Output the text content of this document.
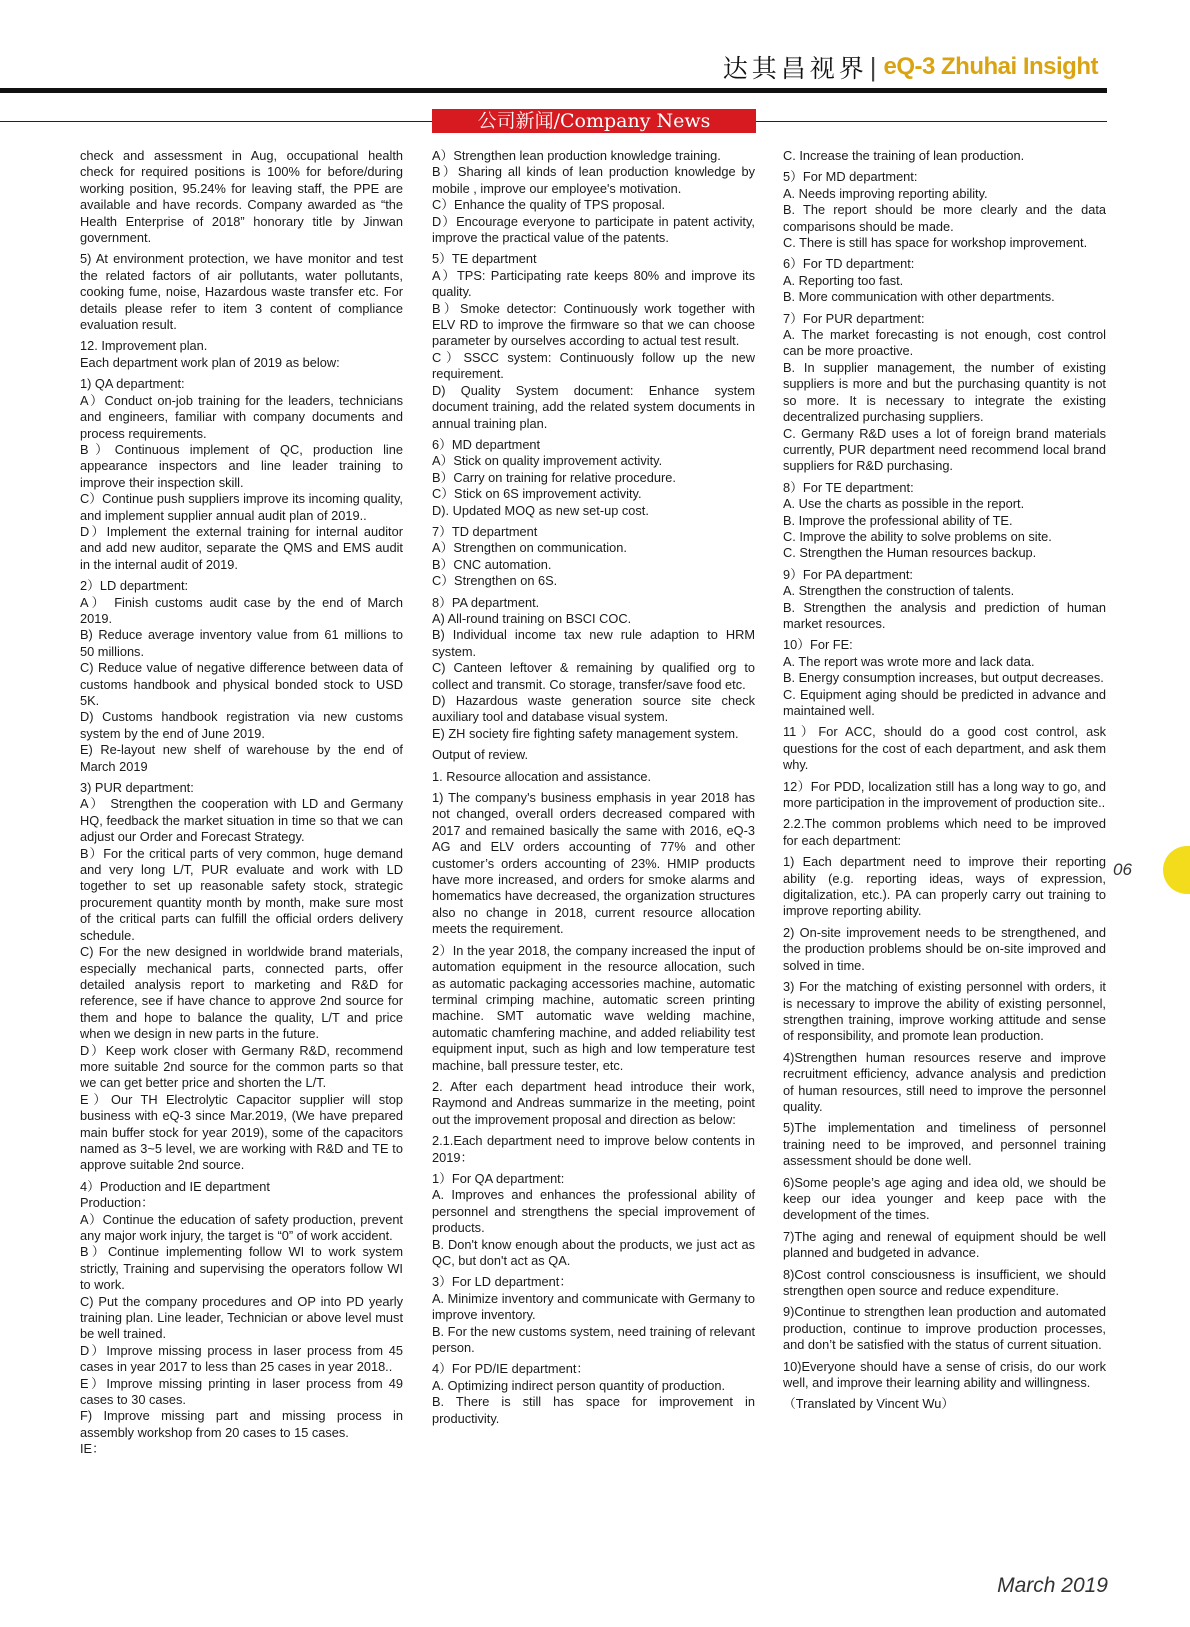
达其昌视界 | eQ-3 Zhuhai Insight
公司新闻/Company News

check and assessment in Aug, occupational health check for required positions is 100% for before/during working position, 95.24% for leaving staff, the PPE are available and have records. Company awarded as “the Health Enterprise of 2018” honorary title by Jinwan government.

5) At environment protection, we have monitor and test the related factors of air pollutants, water pollutants, cooking fume, noise, Hazardous waste transfer etc. For details please refer to item 3 content of compliance evaluation result.

12. Improvement plan.
Each department work plan of 2019 as below:

1) QA department:
A）Conduct on-job training for the leaders, technicians and engineers, familiar with company documents and process requirements.
B）Continuous implement of QC, production line appearance inspectors and line leader training to improve their inspection skill.
C）Continue push suppliers improve its incoming quality, and implement supplier annual audit plan of 2019..
D）Implement the external training for internal auditor and add new auditor, separate the QMS and EMS audit in the internal audit of 2019.

2）LD department:
A） Finish customs audit case by the end of March 2019.
B) Reduce average inventory value from 61 millions to 50 millions.
C) Reduce value of negative difference between data of customs handbook and physical bonded stock to USD 5K.
D) Customs handbook registration via new customs system by the end of June 2019.
E) Re-layout new shelf of warehouse by the end of March 2019

3) PUR department:
A） Strengthen the cooperation with LD and Germany HQ, feedback the market situation in time so that we can adjust our Order and Forecast Strategy.
B）For the critical parts of very common, huge demand and very long L/T, PUR evaluate and work with LD together to set up reasonable safety stock, strategic procurement quantity month by month, make sure most of the critical parts can fulfill the official orders delivery schedule.
C) For the new designed in worldwide brand materials, especially mechanical parts, connected parts, offer detailed analysis report to marketing and R&D for reference, see if have chance to approve 2nd source for them and hope to balance the quality, L/T and price when we design in new parts in the future.
D）Keep work closer with Germany R&D, recommend more suitable 2nd source for the common parts so that we can get better price and shorten the L/T.
E）Our TH Electrolytic Capacitor supplier will stop business with eQ-3 since Mar.2019, (We have prepared main buffer stock for year 2019), some of the capacitors named as 3~5 level, we are working with R&D and TE to approve suitable 2nd source.

4）Production and IE department
Production：
A）Continue the education of safety production, prevent any major work injury, the target is “0” of work accident.
B）Continue implementing follow WI to work system strictly, Training and supervising the operators follow WI to work.
C) Put the company procedures and OP into PD yearly training plan. Line leader, Technician or above level must be well trained.
D）Improve missing process in laser process from 45 cases in year 2017 to less than 25 cases in year 2018..
E）Improve missing printing in laser process from 49 cases to 30 cases.
F) Improve missing part and missing process in assembly workshop from 20 cases to 15 cases.
IE：

A）Strengthen lean production knowledge training.
B）Sharing all kinds of lean production knowledge by mobile , improve our employee's motivation.
C）Enhance the quality of TPS proposal.
D）Encourage everyone to participate in patent activity, improve the practical value of the patents.

5）TE department
A）TPS: Participating rate keeps 80% and improve its quality.
B）Smoke detector: Continuously work together with ELV RD to improve the firmware so that we can choose parameter by ourselves according to actual test result.
C）SSCC system: Continuously follow up the new requirement.
D) Quality System document: Enhance system document training, add the related system documents in annual training plan.

6）MD department
A）Stick on quality improvement activity.
B）Carry on training for relative procedure.
C）Stick on 6S improvement activity.
D). Updated MOQ as new set-up cost.

7）TD department
A）Strengthen on communication.
B）CNC automation.
C）Strengthen on 6S.

8）PA department.
A) All-round training on BSCI COC.
B) Individual income tax new rule adaption to HRM system.
C) Canteen leftover & remaining by qualified org to collect and transmit. Co storage, transfer/save food etc.
D) Hazardous waste generation source site check auxiliary tool and database visual system.
E) ZH society fire fighting safety management system.

Output of review.

1. Resource allocation and assistance.

1) The company's business emphasis in year 2018 has not changed, overall orders decreased compared with 2017 and remained basically the same with 2016, eQ-3 AG and ELV orders accounting of 77% and other customer’s orders accounting of 23%. HMIP products have more increased, and orders for smoke alarms and homematics have decreased, the organization structures also no change in 2018, current resource allocation meets the requirement.

2）In the year 2018, the company increased the input of automation equipment in the resource allocation, such as automatic packaging accessories machine, automatic terminal crimping machine, automatic screen printing machine. SMT automatic wave welding machine, automatic chamfering machine, and added reliability test equipment input, such as high and low temperature test machine, ball pressure tester, etc.

2. After each department head introduce their work, Raymond and Andreas summarize in the meeting, point out the improvement proposal and direction as below:

2.1.Each department need to improve below contents in 2019：

1）For QA department:
A. Improves and enhances the professional ability of personnel and strengthens the special improvement of products.
B. Don't know enough about the products, we just act as QC, but don't act as QA.

3）For LD department：
A. Minimize inventory and communicate with Germany to improve inventory.
B. For the new customs system, need training of relevant person.

4）For PD/IE department：
A. Optimizing indirect person quantity of production.
B. There is still has space for improvement in productivity.

C. Increase the training of lean production.

5）For MD department:
A. Needs improving reporting ability.
B. The report should be more clearly and the data comparisons should be made.
C. There is still has space for workshop improvement.

6）For TD department:
A. Reporting too fast.
B. More communication with other departments.

7）For PUR department:
A. The market forecasting is not enough, cost control can be more proactive.
B. In supplier management, the number of existing suppliers is more and but the purchasing quantity is not so more. It is necessary to integrate the existing decentralized purchasing suppliers.
C. Germany R&D uses a lot of foreign brand materials currently, PUR department need recommend local brand suppliers for R&D purchasing.

8）For TE department:
A. Use the charts as possible in the report.
B. Improve the professional ability of TE.
C. Improve the ability to solve problems on site.
C. Strengthen the Human resources backup.

9）For PA department:
A. Strengthen the construction of talents.
B. Strengthen the analysis and prediction of human market resources.

10）For FE:
A. The report was wrote more and lack data.
B. Energy consumption increases, but output decreases.
C. Equipment aging should be predicted in advance and maintained well.

11）For ACC, should do a good cost control, ask questions for the cost of each department, and ask them why.

12）For PDD, localization still has a long way to go, and more participation in the improvement of production site..

2.2.The common problems which need to be improved for each department:

1) Each department need to improve their reporting ability (e.g. reporting ideas, ways of expression, digitalization, etc.). PA can properly carry out training to improve reporting ability.

2) On-site improvement needs to be strengthened, and the production problems should be on-site improved and solved in time.

3) For the matching of existing personnel with orders, it is necessary to improve the ability of existing personnel, strengthen training, improve working attitude and sense of responsibility, and promote lean production.

4)Strengthen human resources reserve and improve recruitment efficiency, advance analysis and prediction of human resources, still need to improve the personnel quality.

5)The implementation and timeliness of personnel training need to be improved, and personnel training assessment should be done well.

6)Some people’s age aging and idea old, we should be keep our idea younger and keep pace with the development of the times.

7)The aging and renewal of equipment should be well planned and budgeted in advance.

8)Cost control consciousness is insufficient, we should strengthen open source and reduce expenditure.

9)Continue to strengthen lean production and automated production, continue to improve production processes, and don’t be satisfied with the status of current situation.

10)Everyone should have a sense of crisis, do our work well, and improve their learning ability and willingness.

（Translated by Vincent Wu）

06
March 2019
